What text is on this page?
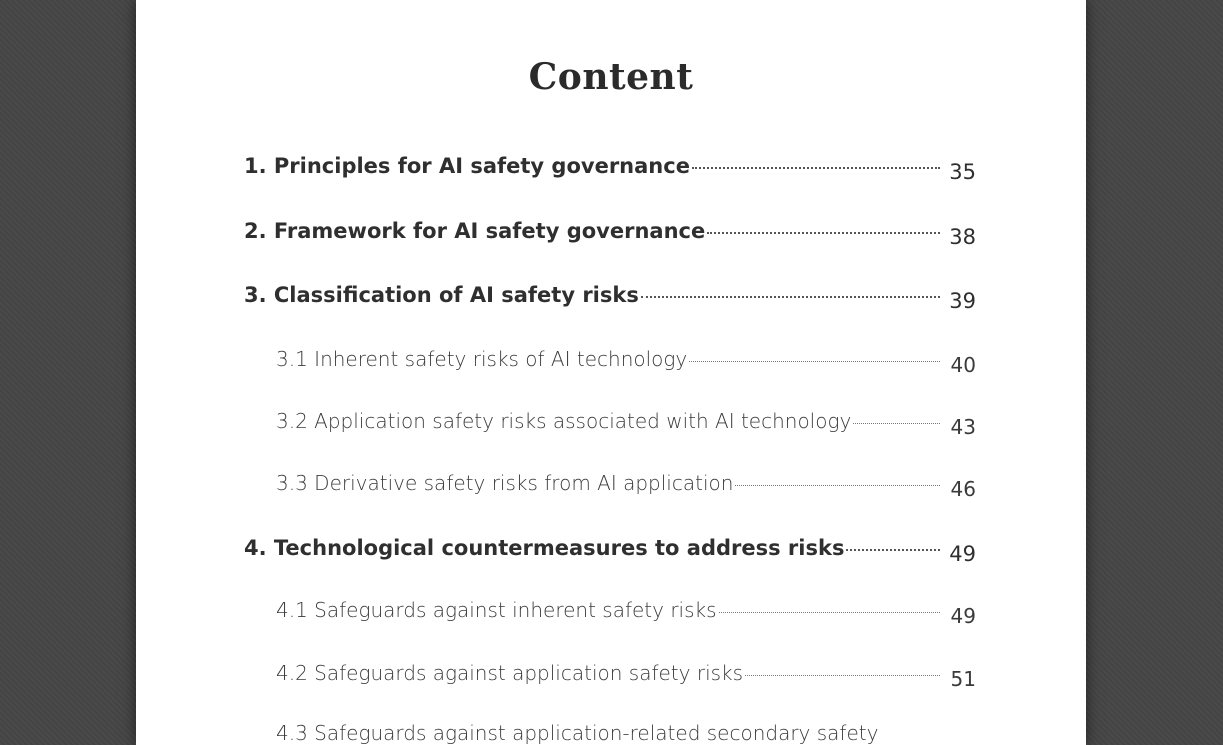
Content
1. Principles for AI safety governance	35
2. Framework for AI safety governance	38
3. Classification of AI safety risks	39
3.1 Inherent safety risks of AI technology	40
3.2 Application safety risks associated with AI technology	43
3.3 Derivative safety risks from AI application	46
4. Technological countermeasures to address risks	49
4.1 Safeguards against inherent safety risks	49
4.2 Safeguards against application safety risks	51
4.3 Safeguards against application-related secondary safety
